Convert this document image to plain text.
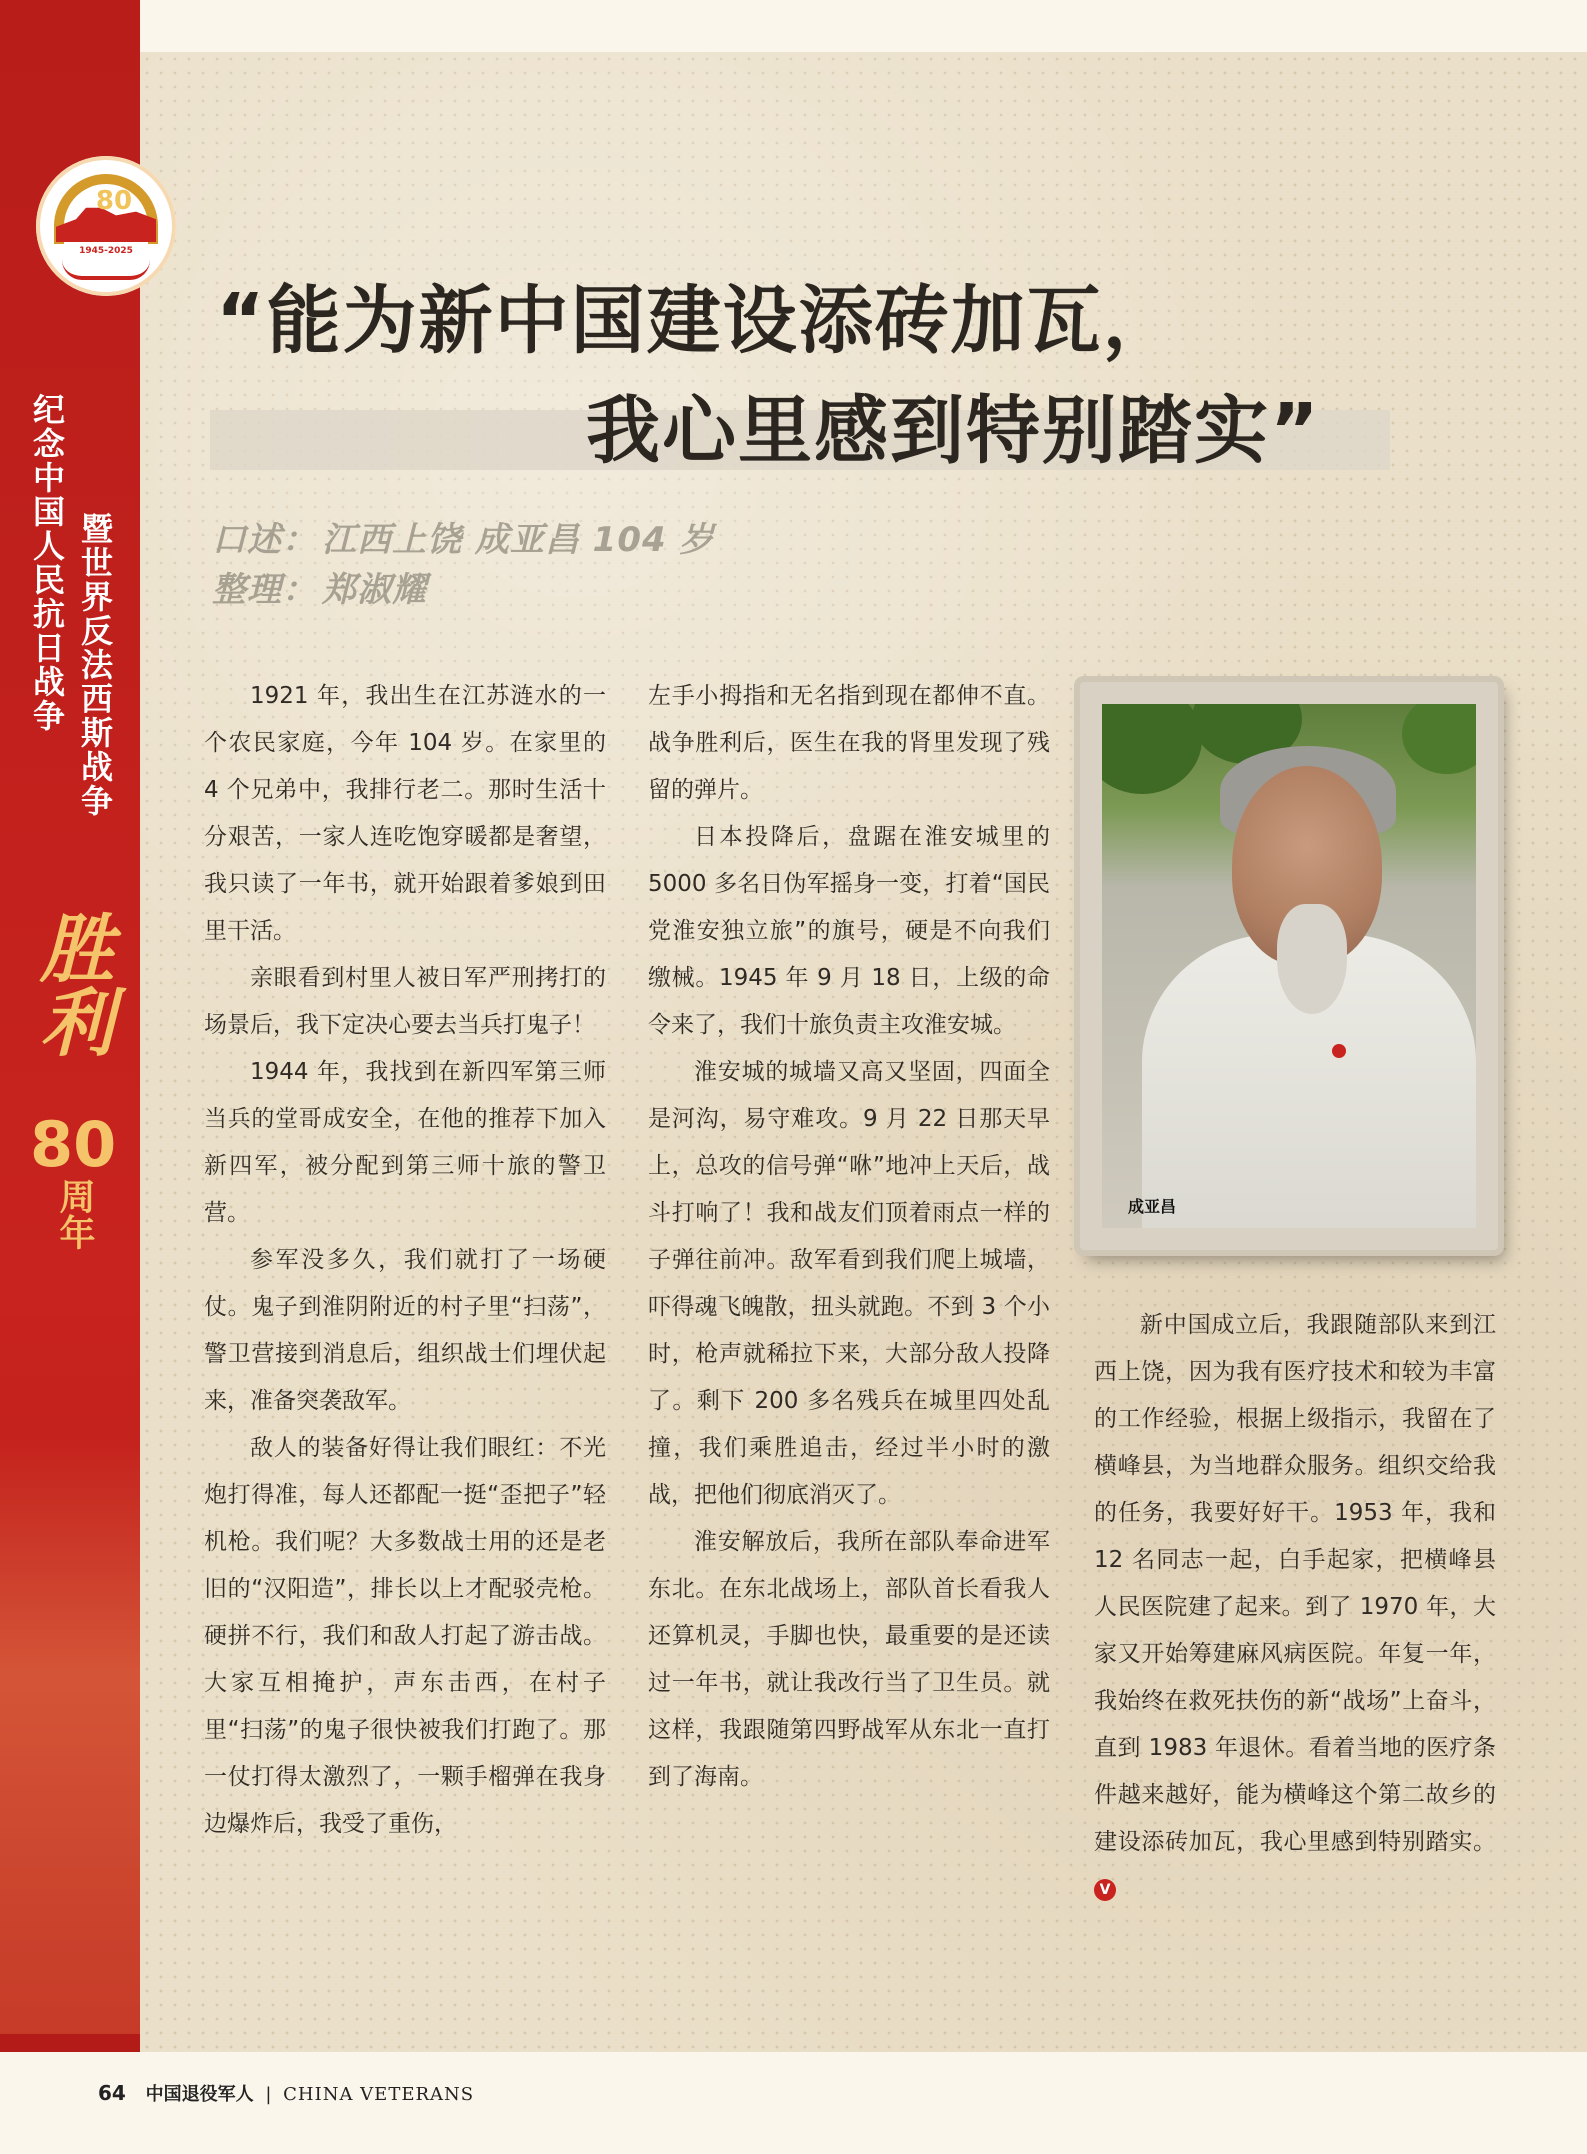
80
1945-2025
纪念中国人民抗日战争 暨世界反法西斯战争
胜利
80
周年
“能为新中国建设添砖加瓦，
我心里感到特别踏实”
口述： 江西上饶 成亚昌 104 岁
整理： 郑淑耀

1921 年，我出生在江苏涟水的一个农民家庭，今年 104 岁。在家里的 4 个兄弟中，我排行老二。那时生活十分艰苦，一家人连吃饱穿暖都是奢望，我只读了一年书，就开始跟着爹娘到田里干活。

亲眼看到村里人被日军严刑拷打的场景后，我下定决心要去当兵打鬼子！

1944 年，我找到在新四军第三师当兵的堂哥成安全，在他的推荐下加入新四军，被分配到第三师十旅的警卫营。

参军没多久，我们就打了一场硬仗。鬼子到淮阴附近的村子里“扫荡”，警卫营接到消息后，组织战士们埋伏起来，准备突袭敌军。

敌人的装备好得让我们眼红：不光炮打得准，每人还都配一挺“歪把子”轻机枪。我们呢？大多数战士用的还是老旧的“汉阳造”，排长以上才配驳壳枪。硬拼不行，我们和敌人打起了游击战。大家互相掩护，声东击西，在村子里“扫荡”的鬼子很快被我们打跑了。那一仗打得太激烈了，一颗手榴弹在我身边爆炸后，我受了重伤，

左手小拇指和无名指到现在都伸不直。战争胜利后，医生在我的肾里发现了残留的弹片。

日本投降后，盘踞在淮安城里的 5000 多名日伪军摇身一变，打着“国民党淮安独立旅”的旗号，硬是不向我们缴械。1945 年 9 月 18 日，上级的命令来了，我们十旅负责主攻淮安城。

淮安城的城墙又高又坚固，四面全是河沟，易守难攻。9 月 22 日那天早上，总攻的信号弹“咻”地冲上天后，战斗打响了！我和战友们顶着雨点一样的子弹往前冲。敌军看到我们爬上城墙，吓得魂飞魄散，扭头就跑。不到 3 个小时，枪声就稀拉下来，大部分敌人投降了。剩下 200 多名残兵在城里四处乱撞，我们乘胜追击，经过半小时的激战，把他们彻底消灭了。

淮安解放后，我所在部队奉命进军东北。在东北战场上，部队首长看我人还算机灵，手脚也快，最重要的是还读过一年书，就让我改行当了卫生员。就这样，我跟随第四野战军从东北一直打到了海南。

成亚昌

新中国成立后，我跟随部队来到江西上饶，因为我有医疗技术和较为丰富的工作经验，根据上级指示，我留在了横峰县，为当地群众服务。组织交给我的任务，我要好好干。1953 年，我和 12 名同志一起，白手起家，把横峰县人民医院建了起来。到了 1970 年，大家又开始筹建麻风病医院。年复一年，我始终在救死扶伤的新“战场”上奋斗，直到 1983 年退休。看着当地的医疗条件越来越好，能为横峰这个第二故乡的建设添砖加瓦，我心里感到特别踏实。V

64 中国退役军人 | CHINA VETERANS
